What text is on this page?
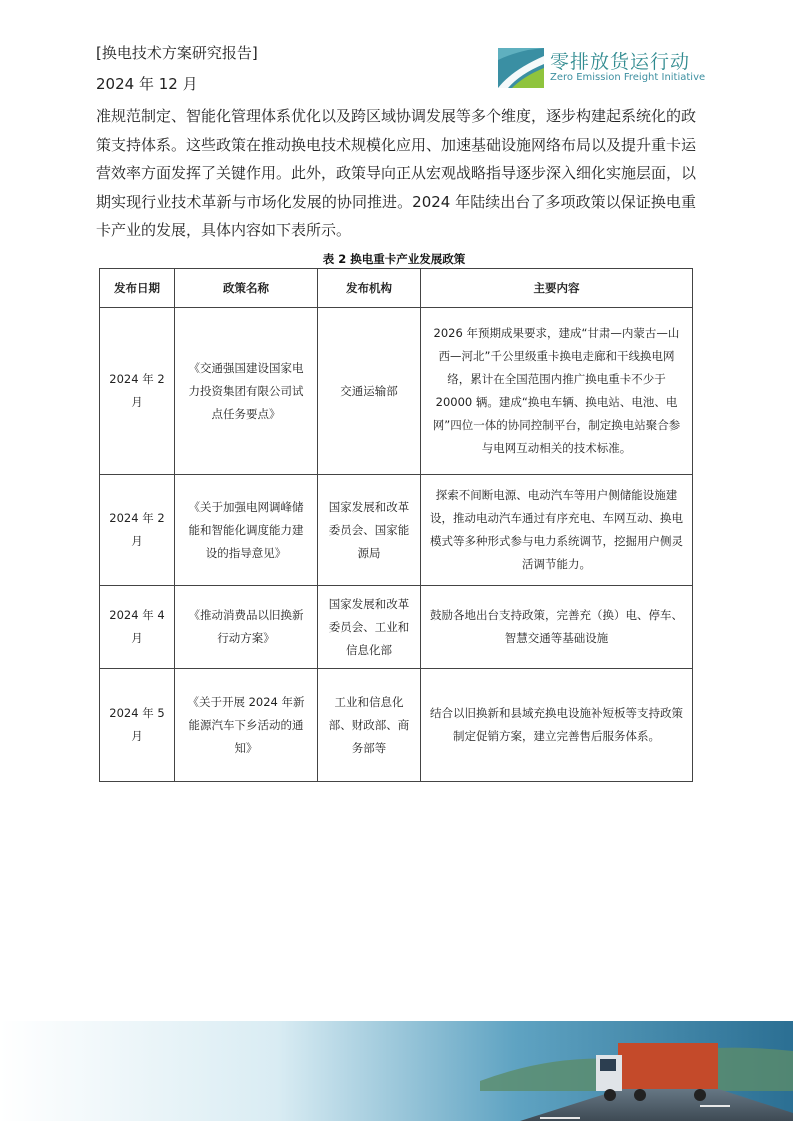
[换电技术方案研究报告]
2024 年 12 月
零排放货运行动
Zero Emission Freight Initiative

准规范制定、智能化管理体系优化以及跨区域协调发展等多个维度，逐步构建起系统化的政策支持体系。这些政策在推动换电技术规模化应用、加速基础设施网络布局以及提升重卡运营效率方面发挥了关键作用。此外，政策导向正从宏观战略指导逐步深入细化实施层面，以期实现行业技术革新与市场化发展的协同推进。2024 年陆续出台了多项政策以保证换电重卡产业的发展，具体内容如下表所示。

表 2 换电重卡产业发展政策
发布日期	政策名称	发布机构	主要内容
2024 年 2 月	《交通强国建设国家电力投资集团有限公司试点任务要点》	交通运输部	2026 年预期成果要求，建成“甘肃—内蒙古—山西—河北”千公里级重卡换电走廊和干线换电网络，累计在全国范围内推广换电重卡不少于 20000 辆。建成“换电车辆、换电站、电池、电网”四位一体的协同控制平台，制定换电站聚合参与电网互动相关的技术标准。
2024 年 2 月	《关于加强电网调峰储能和智能化调度能力建设的指导意见》	国家发展和改革委员会、国家能源局	探索不间断电源、电动汽车等用户侧储能设施建设，推动电动汽车通过有序充电、车网互动、换电模式等多种形式参与电力系统调节，挖掘用户侧灵活调节能力。
2024 年 4 月	《推动消费品以旧换新行动方案》	国家发展和改革委员会、工业和信息化部	鼓励各地出台支持政策，完善充（换）电、停车、智慧交通等基础设施
2024 年 5 月	《关于开展 2024 年新能源汽车下乡活动的通知》	工业和信息化部、财政部、商务部等	结合以旧换新和县域充换电设施补短板等支持政策制定促销方案，建立完善售后服务体系。
